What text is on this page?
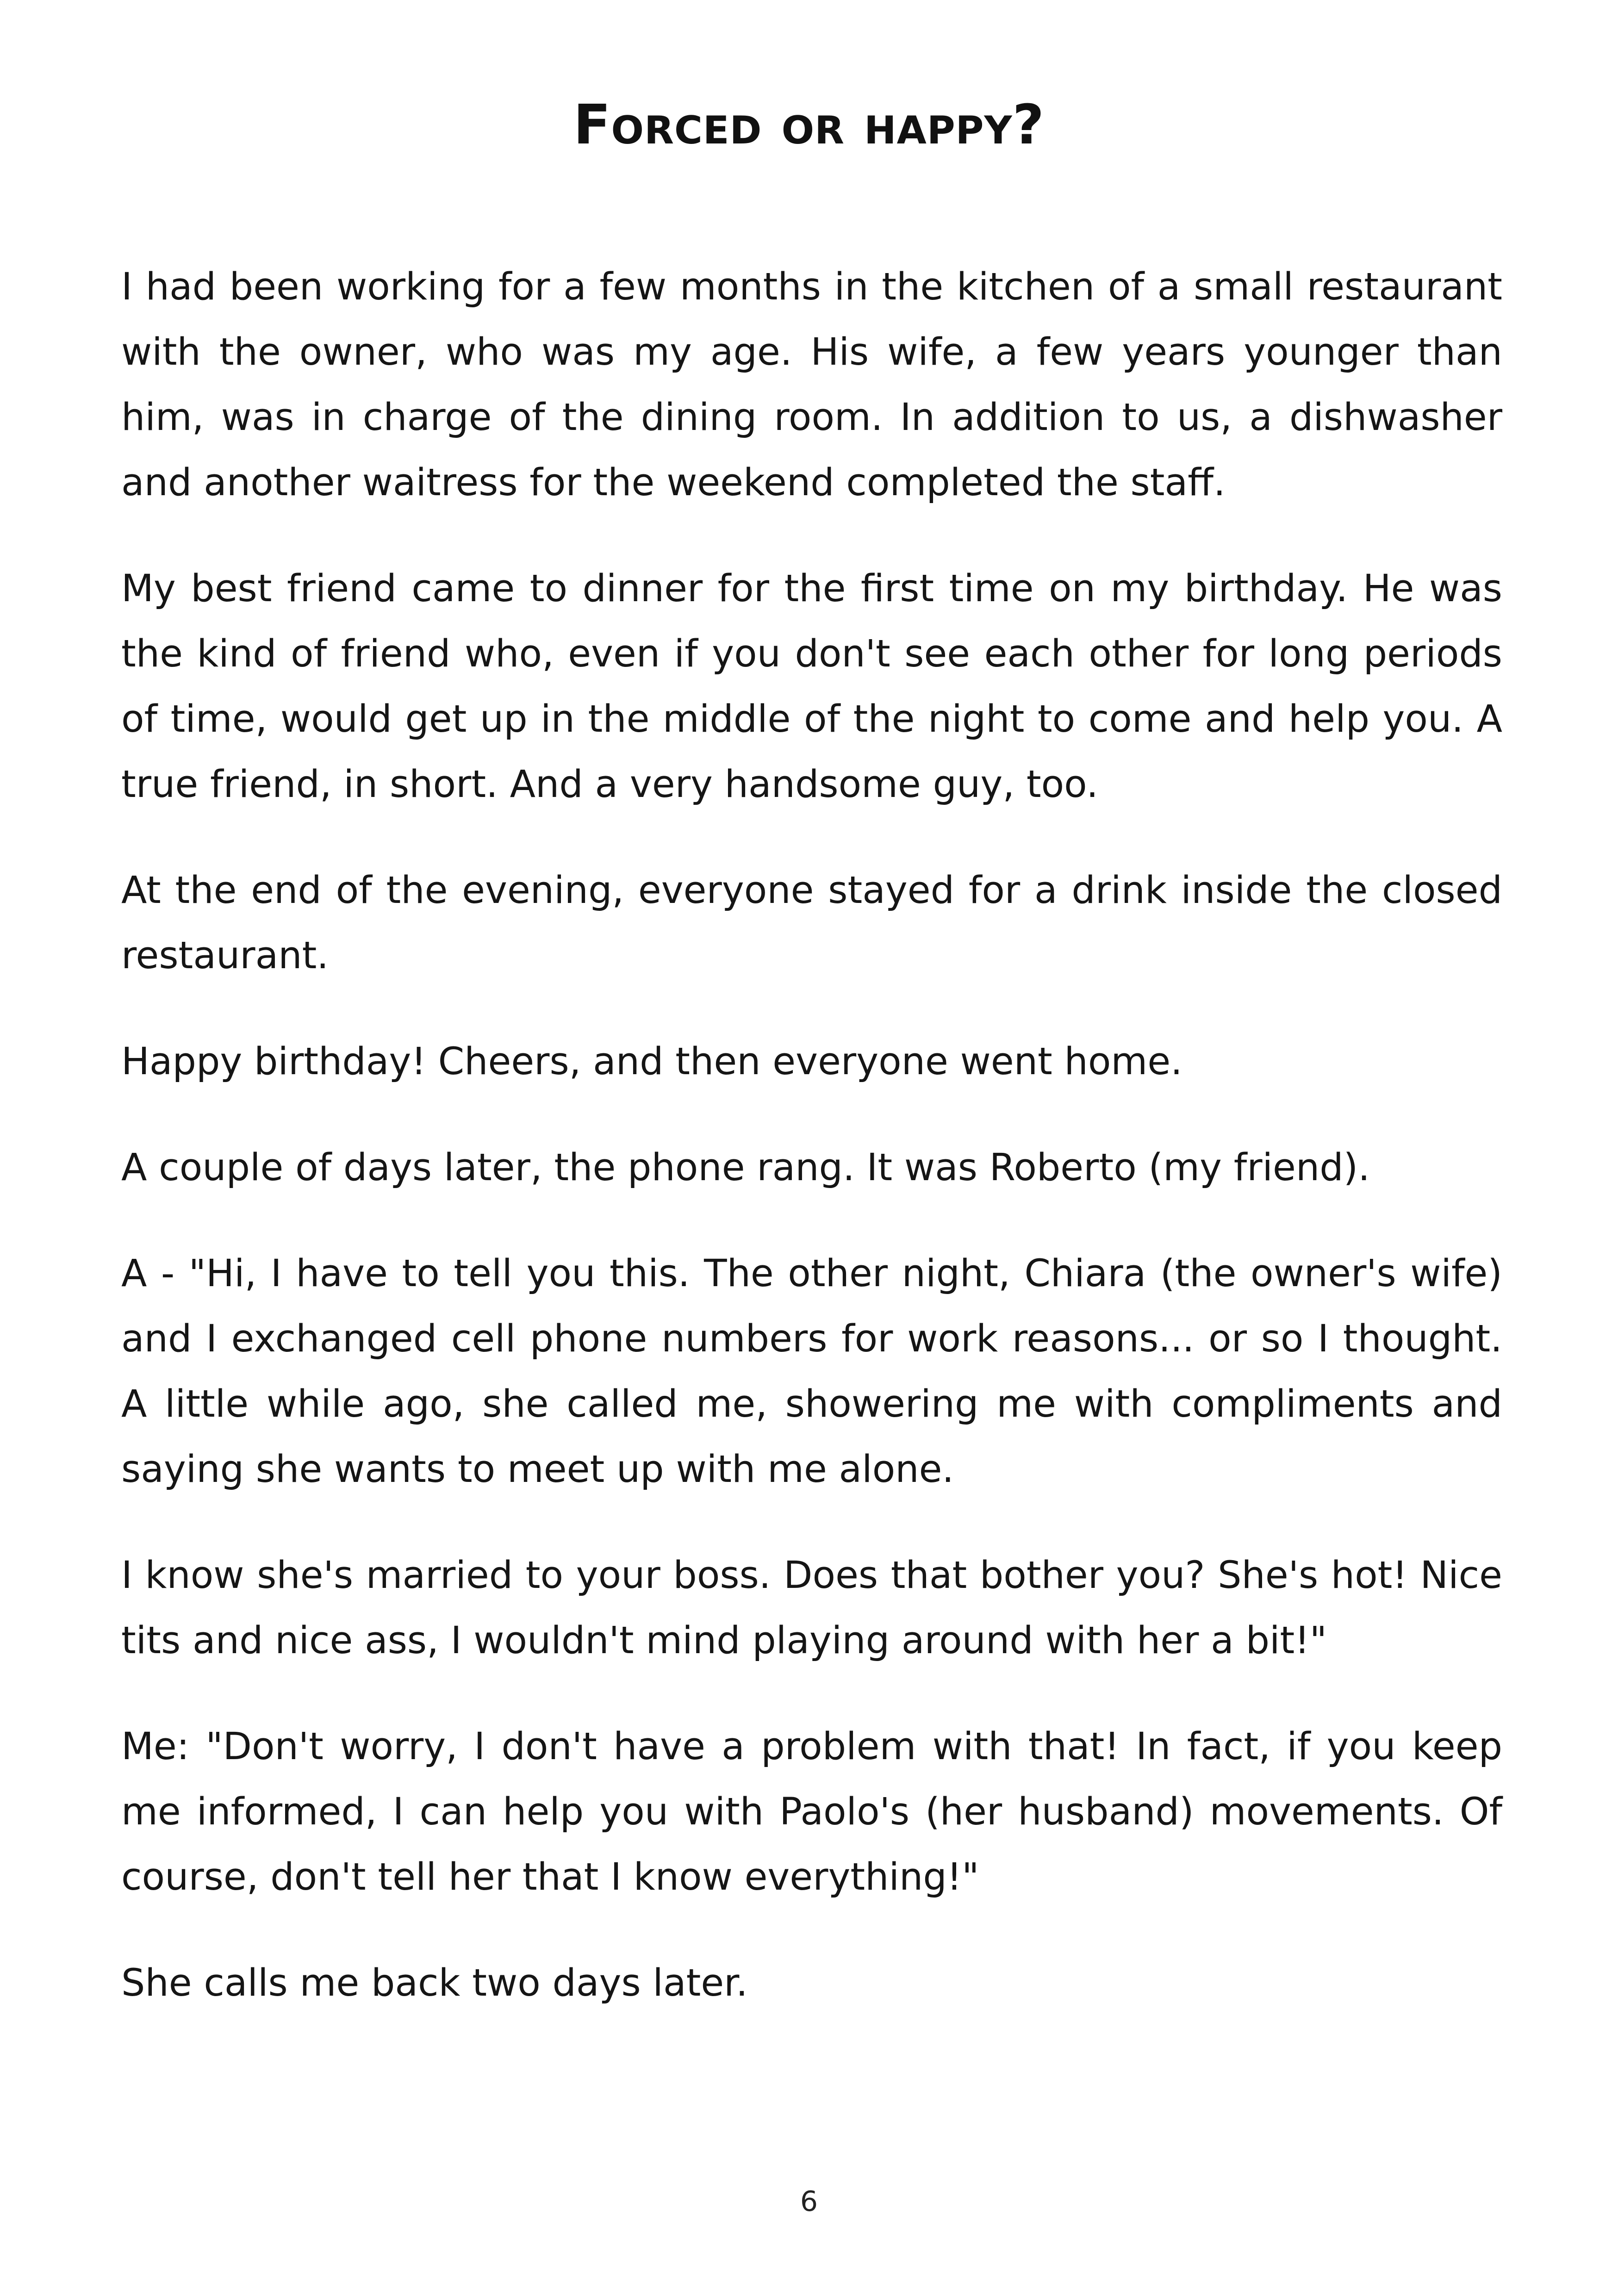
Forced or happy?

I had been working for a few months in the kitchen of a small restaurant with the owner, who was my age. His wife, a few years younger than him, was in charge of the dining room. In addition to us, a dishwasher and another waitress for the weekend completed the staff.

My best friend came to dinner for the first time on my birthday. He was the kind of friend who, even if you don't see each other for long periods of time, would get up in the middle of the night to come and help you. A true friend, in short. And a very handsome guy, too.

At the end of the evening, everyone stayed for a drink inside the closed restaurant.

Happy birthday! Cheers, and then everyone went home.

A couple of days later, the phone rang. It was Roberto (my friend).

A - "Hi, I have to tell you this. The other night, Chiara (the owner's wife) and I exchanged cell phone numbers for work reasons... or so I thought. A little while ago, she called me, showering me with compliments and saying she wants to meet up with me alone.

I know she's married to your boss. Does that bother you? She's hot! Nice tits and nice ass, I wouldn't mind playing around with her a bit!"

Me: "Don't worry, I don't have a problem with that! In fact, if you keep me informed, I can help you with Paolo's (her husband) movements. Of course, don't tell her that I know everything!"

She calls me back two days later.

6
